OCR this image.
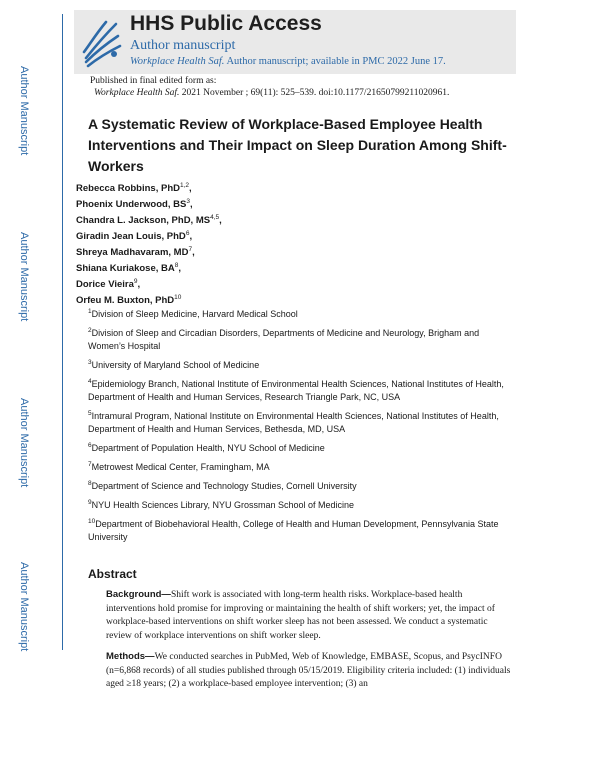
Author Manuscript
Author Manuscript
Author Manuscript
Author Manuscript
HHS Public Access
Author manuscript
Workplace Health Saf. Author manuscript; available in PMC 2022 June 17.
Published in final edited form as:
Workplace Health Saf. 2021 November ; 69(11): 525–539. doi:10.1177/21650799211020961.
A Systematic Review of Workplace-Based Employee Health Interventions and Their Impact on Sleep Duration Among Shift-Workers
Rebecca Robbins, PhD$^{1,2}$,
Phoenix Underwood, $BS^3$,
Chandra L. Jackson, PhD, MS$^{4,5}$,
Giradin Jean Louis, PhD$^6$,
Shreya Madhavaram, $MD^7$,
Shiana Kuriakose, $BA^8$,
Dorice Vieira$^9$,
Orfeu M. Buxton, PhD$^{10}$
$^1$Division of Sleep Medicine, Harvard Medical School
$^2$Division of Sleep and Circadian Disorders, Departments of Medicine and Neurology, Brigham and Women’s Hospital
$^3$University of Maryland School of Medicine
$^4$Epidemiology Branch, National Institute of Environmental Health Sciences, National Institutes of Health, Department of Health and Human Services, Research Triangle Park, NC, USA
$^5$Intramural Program, National Institute on Environmental Health Sciences, National Institutes of Health, Department of Health and Human Services, Bethesda, MD, USA
$^6$Department of Population Health, NYU School of Medicine
$^7$Metrowest Medical Center, Framingham, MA
$^8$Department of Science and Technology Studies, Cornell University
$^9$NYU Health Sciences Library, NYU Grossman School of Medicine
$^{10}$Department of Biobehavioral Health, College of Health and Human Development, Pennsylvania State University
Abstract
Background—Shift work is associated with long-term health risks. Workplace-based health interventions hold promise for improving or maintaining the health of shift workers; yet, the impact of workplace-based interventions on shift worker sleep has not been assessed. We conduct a systematic review of workplace interventions on shift worker sleep.
Methods—We conducted searches in PubMed, Web of Knowledge, EMBASE, Scopus, and PsycINFO (n=6,868 records) of all studies published through 05/15/2019. Eligibility criteria included: (1) individuals aged ≥18 years; (2) a workplace-based employee intervention; (3) an
